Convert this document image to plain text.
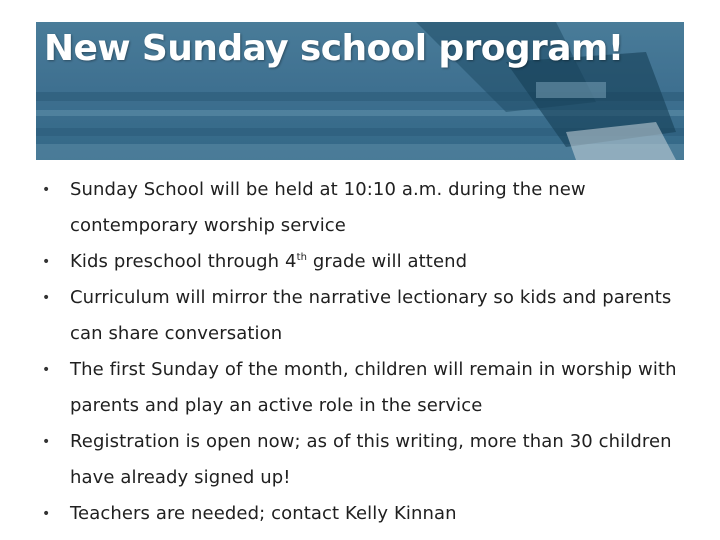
New Sunday school program!
• Sunday School will be held at 10:10 a.m. during the new contemporary worship service
• Kids preschool through 4th grade will attend
• Curriculum will mirror the narrative lectionary so kids and parents can share conversation
• The first Sunday of the month, children will remain in worship with parents and play an active role in the service
• Registration is open now; as of this writing, more than 30 children have already signed up!
• Teachers are needed; contact Kelly Kinnan
